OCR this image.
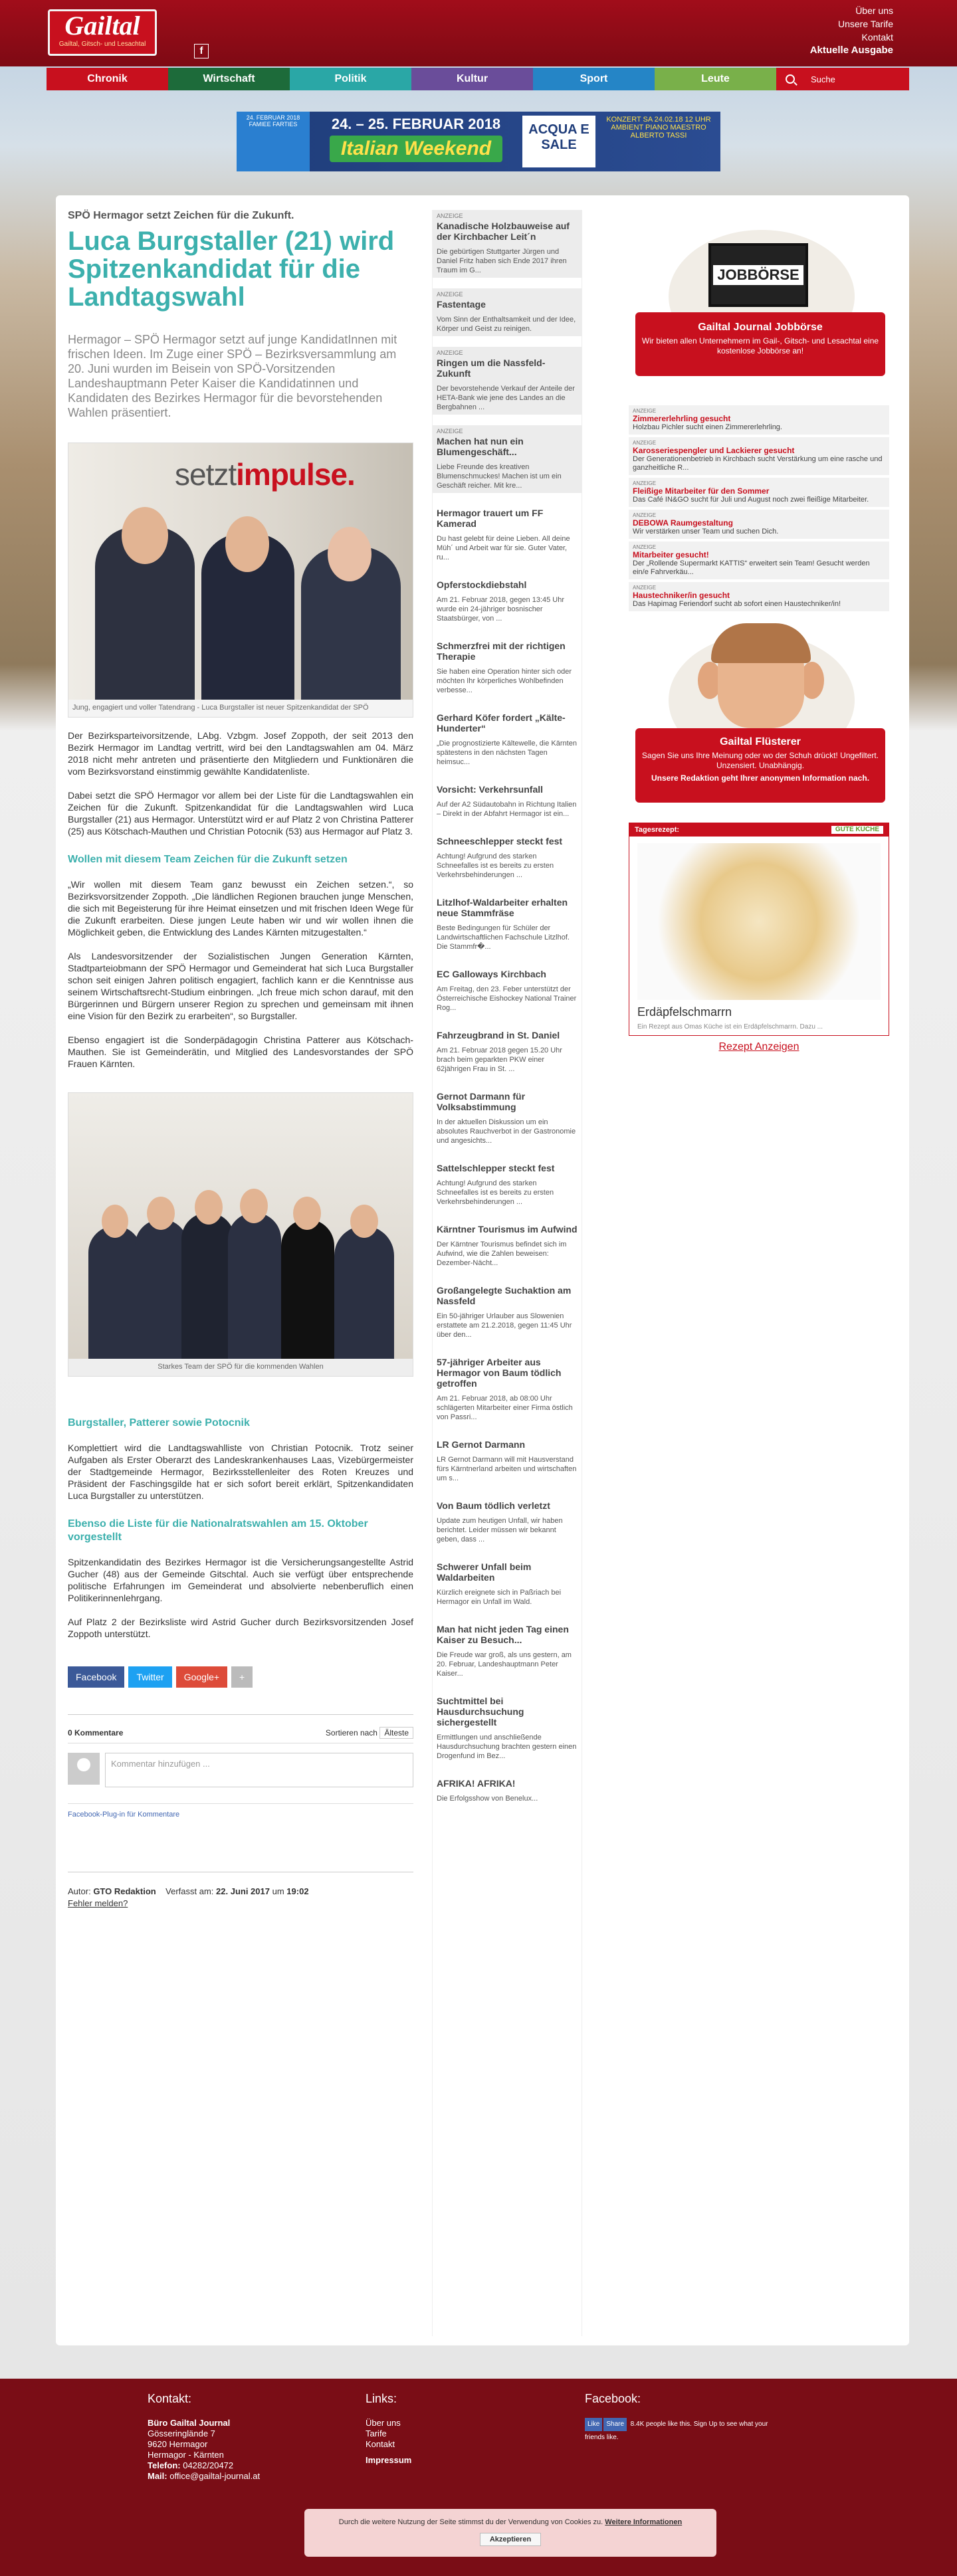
Gailtal
Gailtal, Gitsch- und Lesachtal
f
Über uns
Unsere Tarife
Kontakt
Aktuelle Ausgabe
Chronik	Wirtschaft	Politik	Kultur	Sport	Leute	Suche
24. FEBRUAR 2018 FAMIEE FARTIES	24. – 25. FEBRUAR 2018
Italian Weekend
ACQUA E SALE
KONZERT SA 24.02.18 12 UHR AMBIENT PIANO MAESTRO ALBERTO TASSI
SPÖ Hermagor setzt Zeichen für die Zukunft.
Luca Burgstaller (21) wird Spitzenkandidat für die Landtagswahl
Hermagor – SPÖ Hermagor setzt auf junge KandidatInnen mit frischen Ideen. Im Zuge einer SPÖ – Bezirksversammlung am 20. Juni wurden im Beisein von SPÖ-Vorsitzenden Landeshauptmann Peter Kaiser die Kandidatinnen und Kandidaten des Bezirkes Hermagor für die bevorstehenden Wahlen präsentiert.
setztimpulse.
Jung, engagiert und voller Tatendrang - Luca Burgstaller ist neuer Spitzenkandidat der SPÖ

Der Bezirksparteivorsitzende, LAbg. Vzbgm. Josef Zoppoth, der seit 2013 den Bezirk Hermagor im Landtag vertritt, wird bei den Landtagswahlen am 04. März 2018 nicht mehr antreten und präsentierte den Mitgliedern und Funktionären die vom Bezirksvorstand einstimmig gewählte Kandidatenliste.

Dabei setzt die SPÖ Hermagor vor allem bei der Liste für die Landtagswahlen ein Zeichen für die Zukunft. Spitzenkandidat für die Landtagswahlen wird Luca Burgstaller (21) aus Hermagor. Unterstützt wird er auf Platz 2 von Christina Patterer (25) aus Kötschach-Mauthen und Christian Potocnik (53) aus Hermagor auf Platz 3.

Wollen mit diesem Team Zeichen für die Zukunft setzen

„Wir wollen mit diesem Team ganz bewusst ein Zeichen setzen.“, so Bezirksvorsitzender Zoppoth. „Die ländlichen Regionen brauchen junge Menschen, die sich mit Begeisterung für ihre Heimat einsetzen und mit frischen Ideen Wege für die Zukunft erarbeiten. Diese jungen Leute haben wir und wir wollen ihnen die Möglichkeit geben, die Entwicklung des Landes Kärnten mitzugestalten.“

Als Landesvorsitzender der Sozialistischen Jungen Generation Kärnten, Stadtparteiobmann der SPÖ Hermagor und Gemeinderat hat sich Luca Burgstaller schon seit einigen Jahren politisch engagiert, fachlich kann er die Kenntnisse aus seinem Wirtschaftsrecht-Studium einbringen. „Ich freue mich schon darauf, mit den Bürgerinnen und Bürgern unserer Region zu sprechen und gemeinsam mit ihnen eine Vision für den Bezirk zu erarbeiten“, so Burgstaller.

Ebenso engagiert ist die Sonderpädagogin Christina Patterer aus Kötschach-Mauthen. Sie ist Gemeinderätin, und Mitglied des Landesvorstandes der SPÖ Frauen Kärnten.

Starkes Team der SPÖ für die kommenden Wahlen
Burgstaller, Patterer sowie Potocnik

Komplettiert wird die Landtagswahlliste von Christian Potocnik. Trotz seiner Aufgaben als Erster Oberarzt des Landeskrankenhauses Laas, Vizebürgermeister der Stadtgemeinde Hermagor, Bezirksstellenleiter des Roten Kreuzes und Präsident der Faschingsgilde hat er sich sofort bereit erklärt, Spitzenkandidaten Luca Burgstaller zu unterstützen.

Ebenso die Liste für die Nationalratswahlen am 15. Oktober vorgestellt

Spitzenkandidatin des Bezirkes Hermagor ist die Versicherungsangestellte Astrid Gucher (48) aus der Gemeinde Gitschtal. Auch sie verfügt über entsprechende politische Erfahrungen im Gemeinderat und absolvierte nebenberuflich einen Politikerinnenlehrgang.

Auf Platz 2 der Bezirksliste wird Astrid Gucher durch Bezirksvorsitzenden Josef Zoppoth unterstützt.

Facebook	Twitter	Google+	+
0 Kommentare	Sortieren nach Älteste
Kommentar hinzufügen ...
Facebook-Plug-in für Kommentare
Autor: GTO Redaktion Verfasst am: 22. Juni 2017 um 19:02
Fehler melden?
ANZEIGE
Kanadische Holzbauweise auf der Kirchbacher Leit´n

Die gebürtigen Stuttgarter Jürgen und Daniel Fritz haben sich Ende 2017 ihren Traum im G...

ANZEIGE
Fastentage

Vom Sinn der Enthaltsamkeit und der Idee, Körper und Geist zu reinigen.

ANZEIGE
Ringen um die Nassfeld-Zukunft

Der bevorstehende Verkauf der Anteile der HETA-Bank wie jene des Landes an die Bergbahnen ...

ANZEIGE
Machen hat nun ein Blumengeschäft...

Liebe Freunde des kreativen Blumenschmuckes! Machen ist um ein Geschäft reicher. Mit kre...

Hermagor trauert um FF Kamerad

Du hast gelebt für deine Lieben. All deine Müh´ und Arbeit war für sie. Guter Vater, ru...

Opferstockdiebstahl

Am 21. Februar 2018, gegen 13:45 Uhr wurde ein 24-jähriger bosnischer Staatsbürger, von ...

Schmerzfrei mit der richtigen Therapie

Sie haben eine Operation hinter sich oder möchten Ihr körperliches Wohlbefinden verbesse...

Gerhard Köfer fordert „Kälte-Hunderter“

„Die prognostizierte Kältewelle, die Kärnten spätestens in den nächsten Tagen heimsuc...

Vorsicht: Verkehrsunfall

Auf der A2 Südautobahn in Richtung Italien – Direkt in der Abfahrt Hermagor ist ein...

Schneeschlepper steckt fest

Achtung! Aufgrund des starken Schneefalles ist es bereits zu ersten Verkehrsbehinderungen ...

Litzlhof-Waldarbeiter erhalten neue Stammfräse

Beste Bedingungen für Schüler der Landwirtschaftlichen Fachschule Litzlhof. Die Stammfr�...

EC Galloways Kirchbach

Am Freitag, den 23. Feber unterstützt der Österreichische Eishockey National Trainer Rog...

Fahrzeugbrand in St. Daniel

Am 21. Februar 2018 gegen 15.20 Uhr brach beim geparkten PKW einer 62jährigen Frau in St. ...

Gernot Darmann für Volksabstimmung

In der aktuellen Diskussion um ein absolutes Rauchverbot in der Gastronomie und angesichts...

Sattelschlepper steckt fest

Achtung! Aufgrund des starken Schneefalles ist es bereits zu ersten Verkehrsbehinderungen ...

Kärntner Tourismus im Aufwind

Der Kärntner Tourismus befindet sich im Aufwind, wie die Zahlen beweisen: Dezember-Nächt...

Großangelegte Suchaktion am Nassfeld

Ein 50-jähriger Urlauber aus Slowenien erstattete am 21.2.2018, gegen 11:45 Uhr über den...

57-jähriger Arbeiter aus Hermagor von Baum tödlich getroffen

Am 21. Februar 2018, ab 08:00 Uhr schlägerten Mitarbeiter einer Firma östlich von Passri...

LR Gernot Darmann

LR Gernot Darmann will mit Hausverstand fürs Kärntnerland arbeiten und wirtschaften um s...

Von Baum tödlich verletzt

Update zum heutigen Unfall, wir haben berichtet. Leider müssen wir bekannt geben, dass ...

Schwerer Unfall beim Waldarbeiten

Kürzlich ereignete sich in Paßriach bei Hermagor ein Unfall im Wald.

Man hat nicht jeden Tag einen Kaiser zu Besuch...

Die Freude war groß, als uns gestern, am 20. Februar, Landeshauptmann Peter Kaiser...

Suchtmittel bei Hausdurchsuchung sichergestellt

Ermittlungen und anschließende Hausdurchsuchung brachten gestern einen Drogenfund im Bez...

AFRIKA! AFRIKA!

Die Erfolgsshow von Benelux...

JOBBÖRSE
Gailtal Journal Jobbörse

Wir bieten allen Unternehmern im Gail-, Gitsch- und Lesachtal eine kostenlose Jobbörse an!

ANZEIGE
Zimmererlehrling gesucht

Holzbau Pichler sucht einen Zimmererlehrling.

ANZEIGE
Karosseriespengler und Lackierer gesucht

Der Generationenbetrieb in Kirchbach sucht Verstärkung um eine rasche und ganzheitliche R...

ANZEIGE
Fleißige Mitarbeiter für den Sommer

Das Café IN&GO sucht für Juli und August noch zwei fleißige Mitarbeiter.

ANZEIGE
DEBOWA Raumgestaltung

Wir verstärken unser Team und suchen Dich.

ANZEIGE
Mitarbeiter gesucht!

Der „Rollende Supermarkt KATTIS“ erweitert sein Team! Gesucht werden ein/e Fahrverkäu...

ANZEIGE
Haustechniker/in gesucht

Das Hapimag Feriendorf sucht ab sofort einen Haustechniker/in!

Gailtal Flüsterer

Sagen Sie uns Ihre Meinung oder wo der Schuh drückt! Ungefiltert. Unzensiert. Unabhängig.

Unsere Redaktion geht Ihrer anonymen Information nach.

Tagesrezept:	GUTE KÜCHE
Erdäpfelschmarrn
Ein Rezept aus Omas Küche ist ein Erdäpfelschmarrn. Dazu ...
Rezept Anzeigen
Kontakt:

Büro Gailtal Journal

Gösseringlände 7

9620 Hermagor

Hermagor - Kärnten

Telefon: 04282/20472

Mail: office@gailtal-journal.at

Links:

Über uns

Tarife

Kontakt

Impressum

Facebook:

Like Share 8.4K people like this. Sign Up to see what your friends like.

Durch die weitere Nutzung der Seite stimmst du der Verwendung von Cookies zu. Weitere Informationen
Akzeptieren
